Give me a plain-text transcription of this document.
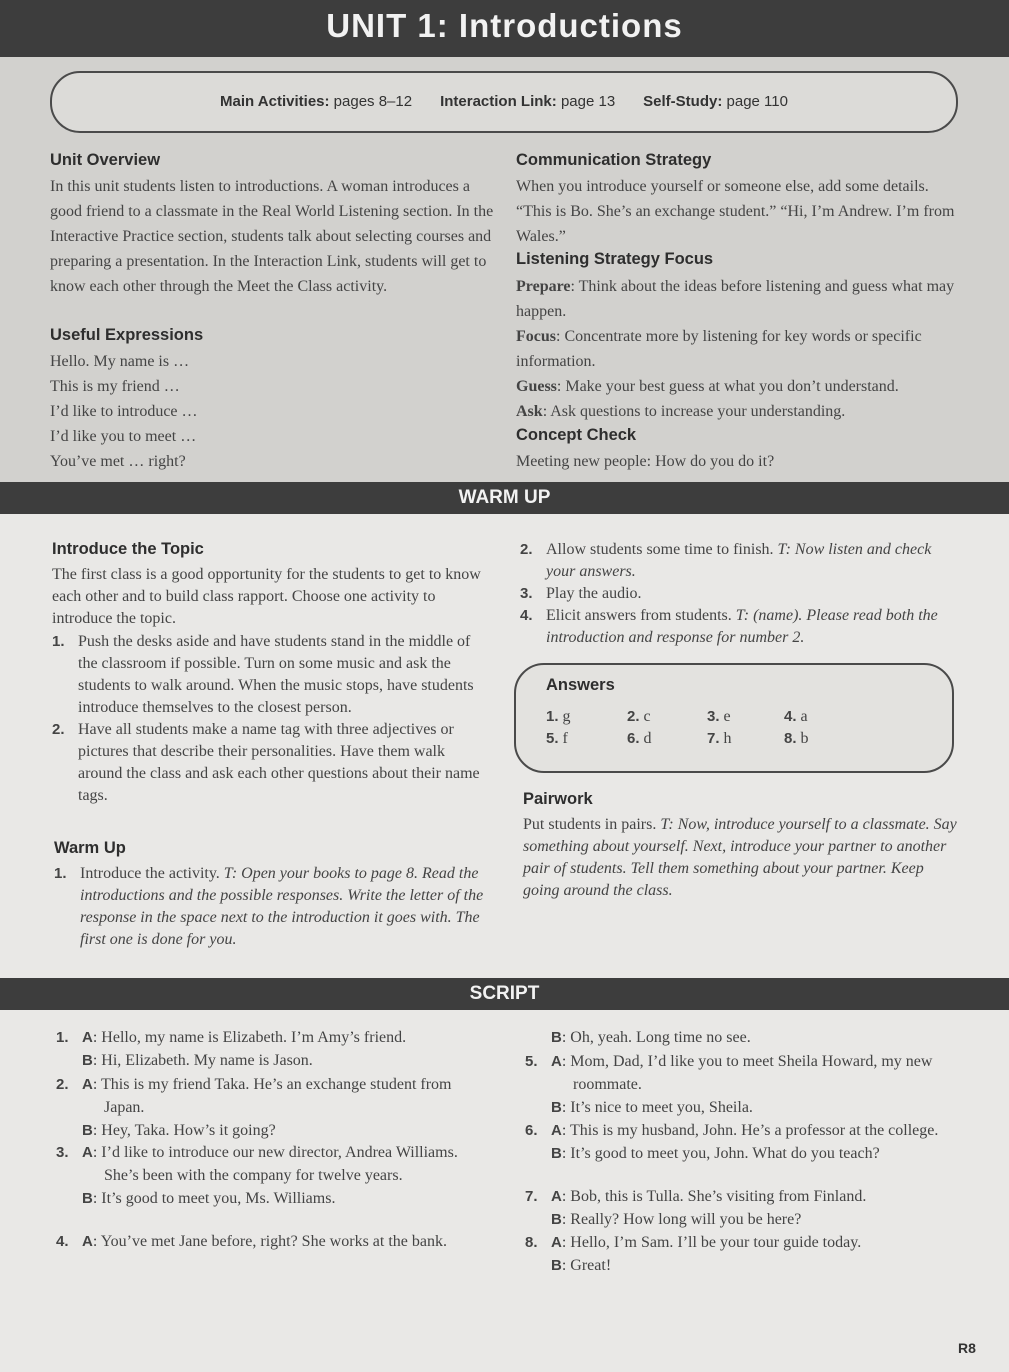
UNIT 1: Introductions
Main Activities: pages 8–12 Interaction Link: page 13 Self-Study: page 110
Unit Overview

In this unit students listen to introductions. A woman introduces a good friend to a classmate in the Real World Listening section. In the Interactive Practice section, students talk about selecting courses and preparing a presentation. In the Interaction Link, students will get to know each other through the Meet the Class activity.

Useful Expressions
Hello. My name is …
This is my friend …
I’d like to introduce …
I’d like you to meet …
You’ve met … right?
Communication Strategy

When you introduce yourself or someone else, add some details. “This is Bo. She’s an exchange student.” “Hi, I’m Andrew. I’m from Wales.”

Listening Strategy Focus

Prepare: Think about the ideas before listening and guess what may happen.

Focus: Concentrate more by listening for key words or specific information.

Guess: Make your best guess at what you don’t understand.

Ask: Ask questions to increase your understanding.

Concept Check

Meeting new people: How do you do it?

WARM UP
Introduce the Topic

The first class is a good opportunity for the students to get to know each other and to build class rapport. Choose one activity to introduce the topic.

1. Push the desks aside and have students stand in the middle of the classroom if possible. Turn on some music and ask the students to walk around. When the music stops, have students introduce themselves to the closest person.
2. Have all students make a name tag with three adjectives or pictures that describe their personalities. Have them walk around the class and ask each other questions about their name tags.
Warm Up
1. Introduce the activity. T: Open your books to page 8. Read the introductions and the possible responses. Write the letter of the response in the space next to the introduction it goes with. The first one is done for you.
2. Allow students some time to finish. T: Now listen and check your answers.
3. Play the audio.
4. Elicit answers from students. T: (name). Please read both the introduction and response for number 2.
Answers
1. g	2. c	3. e	4. a
5. f	6. d	7. h	8. b
Pairwork

Put students in pairs. T: Now, introduce yourself to a classmate. Say something about yourself. Next, introduce your partner to another pair of students. Tell them something about your partner. Keep going around the class.

SCRIPT
1. A: Hello, my name is Elizabeth. I’m Amy’s friend.
B: Hi, Elizabeth. My name is Jason.
2. A: This is my friend Taka. He’s an exchange student from Japan.
B: Hey, Taka. How’s it going?
3. A: I’d like to introduce our new director, Andrea Williams. She’s been with the company for twelve years.
B: It’s good to meet you, Ms. Williams.
4. A: You’ve met Jane before, right? She works at the bank.
B: Oh, yeah. Long time no see.
5. A: Mom, Dad, I’d like you to meet Sheila Howard, my new roommate.
B: It’s nice to meet you, Sheila.
6. A: This is my husband, John. He’s a professor at the college.
B: It’s good to meet you, John. What do you teach?
7. A: Bob, this is Tulla. She’s visiting from Finland.
B: Really? How long will you be here?
8. A: Hello, I’m Sam. I’ll be your tour guide today.
B: Great!
R8
